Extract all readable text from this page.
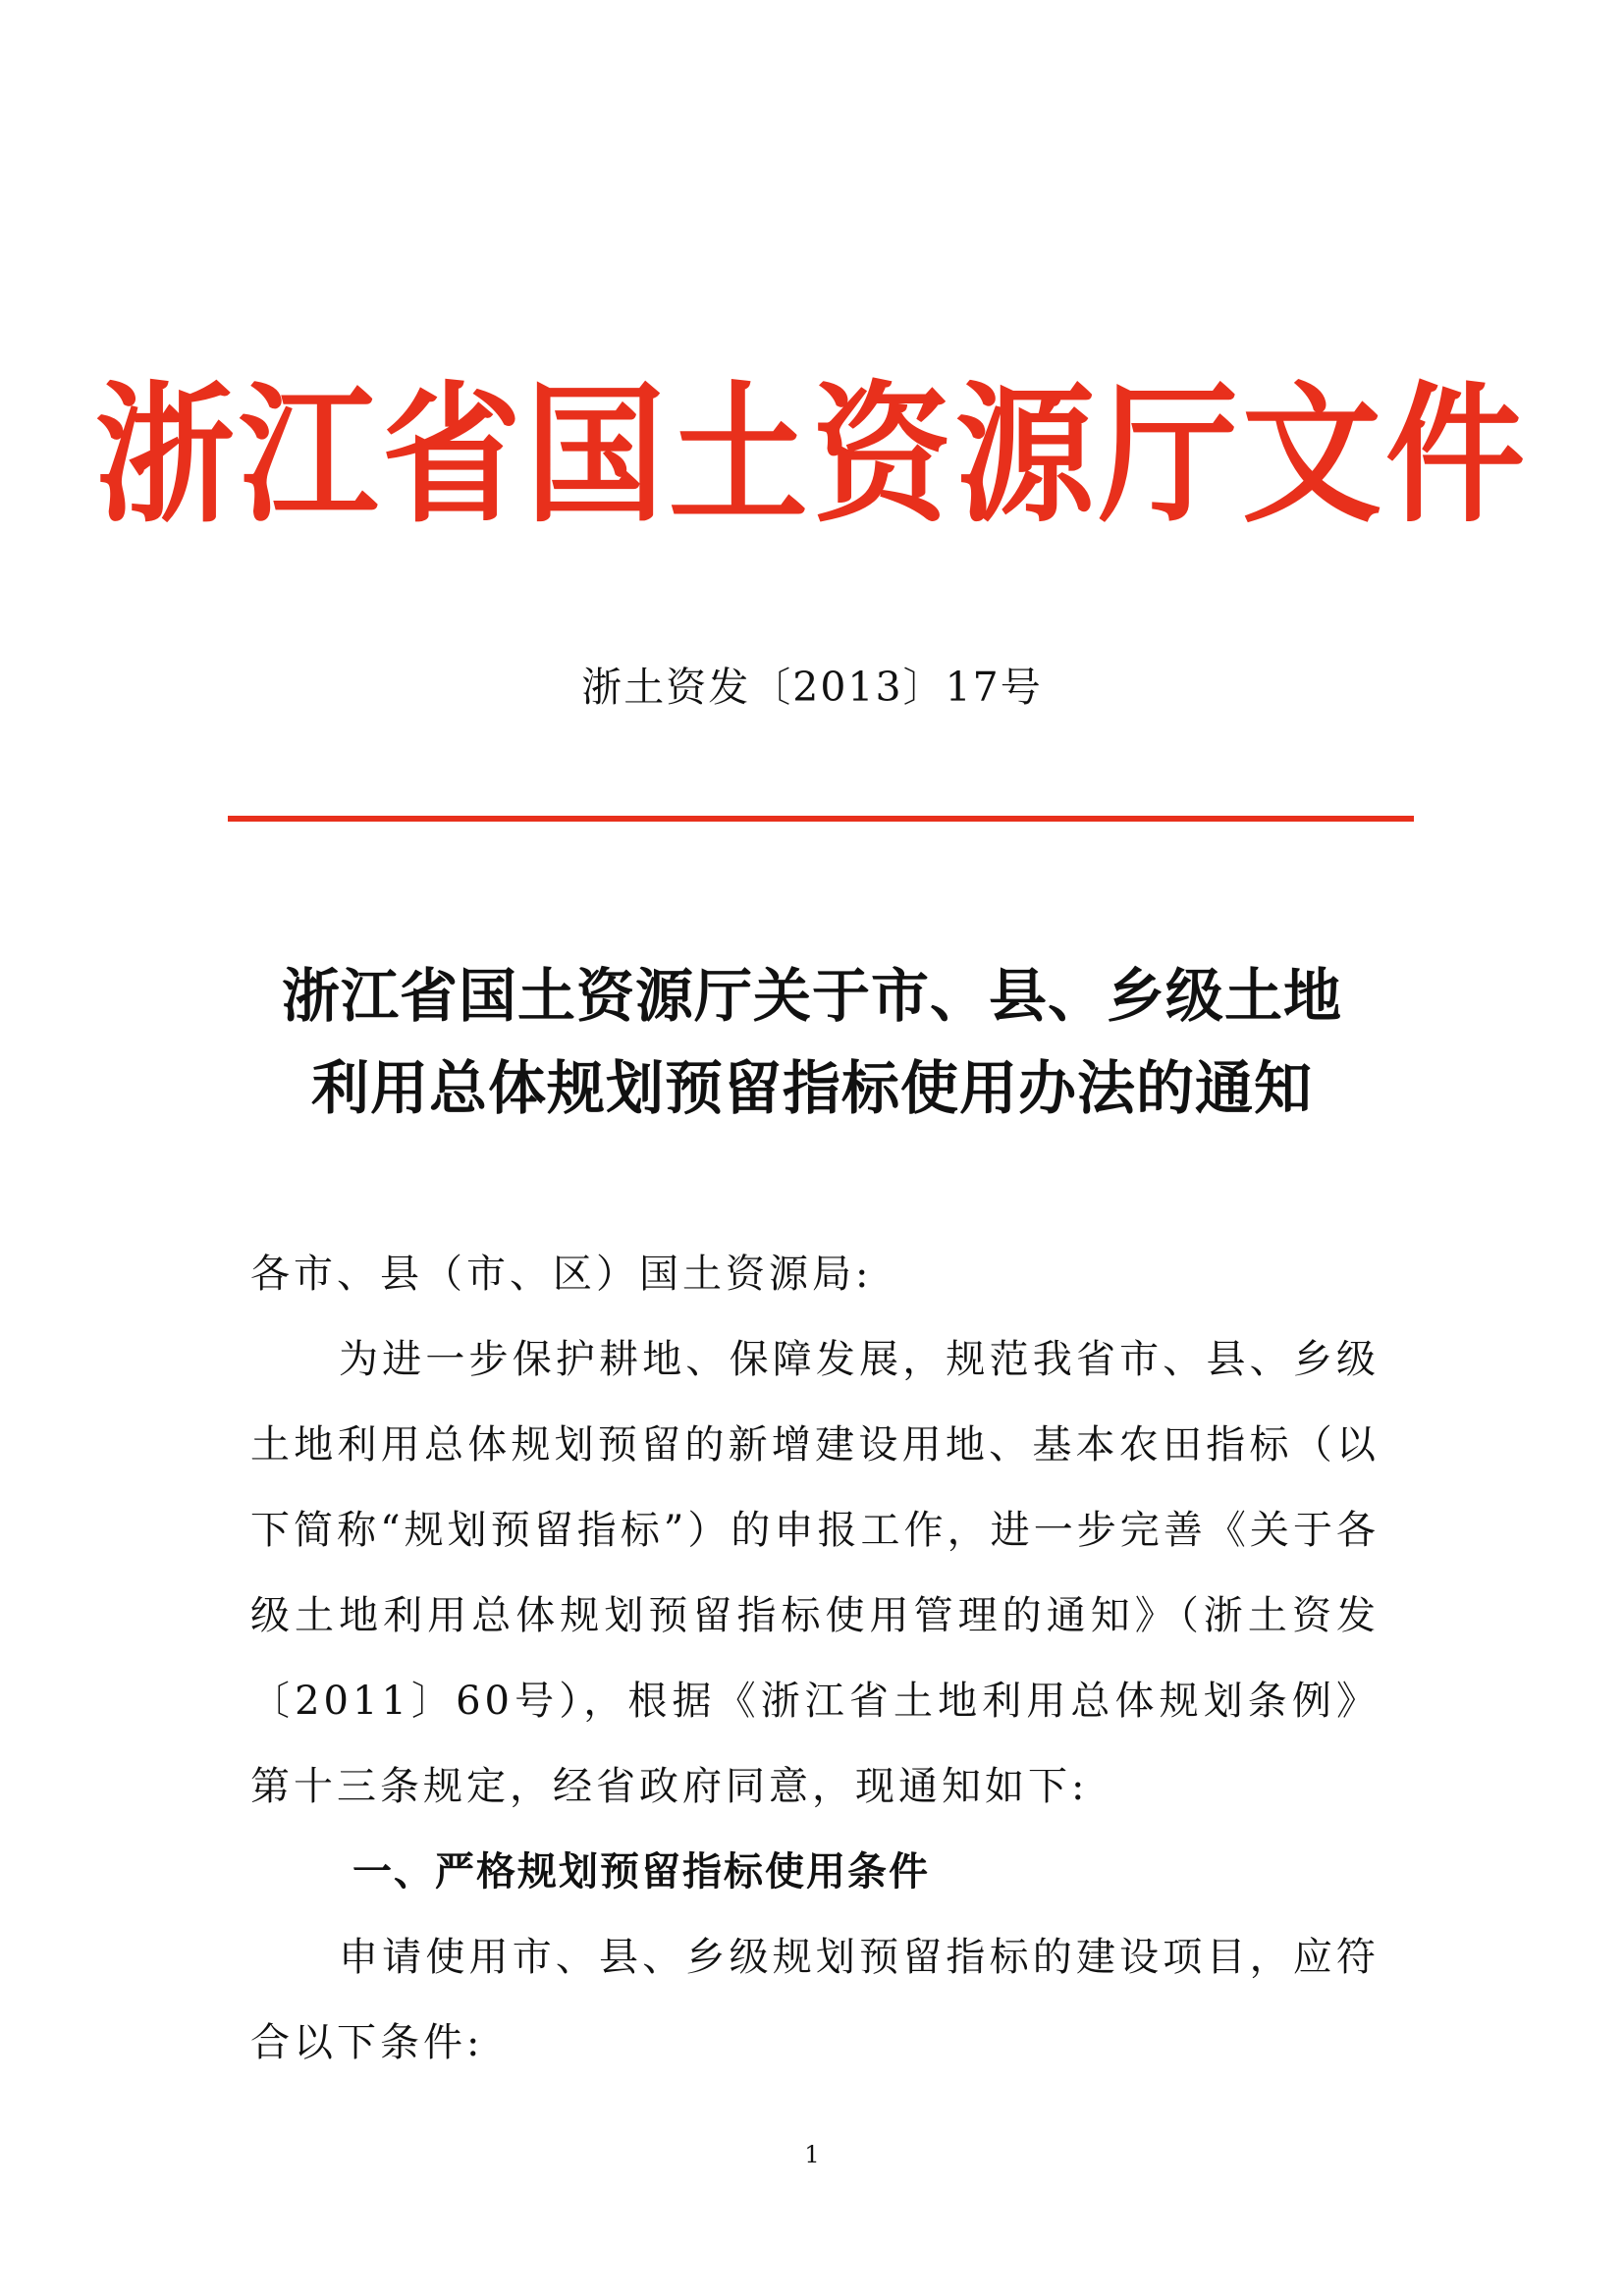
浙江省国土资源厅文件
浙土资发〔2013〕17号
浙江省国土资源厅关于市、县、乡级土地
利用总体规划预留指标使用办法的通知

各市、县（市、区）国土资源局:

为进一步保护耕地、保障发展，规范我省市、县、乡级土地利用总体规划预留的新增建设用地、基本农田指标（以下简称“规划预留指标”）的申报工作，进一步完善《关于各级土地利用总体规划预留指标使用管理的通知》（浙土资发〔2011〕60号），根据《浙江省土地利用总体规划条例》第十三条规定，经省政府同意，现通知如下:

一、严格规划预留指标使用条件

申请使用市、县、乡级规划预留指标的建设项目，应符合以下条件:

1
